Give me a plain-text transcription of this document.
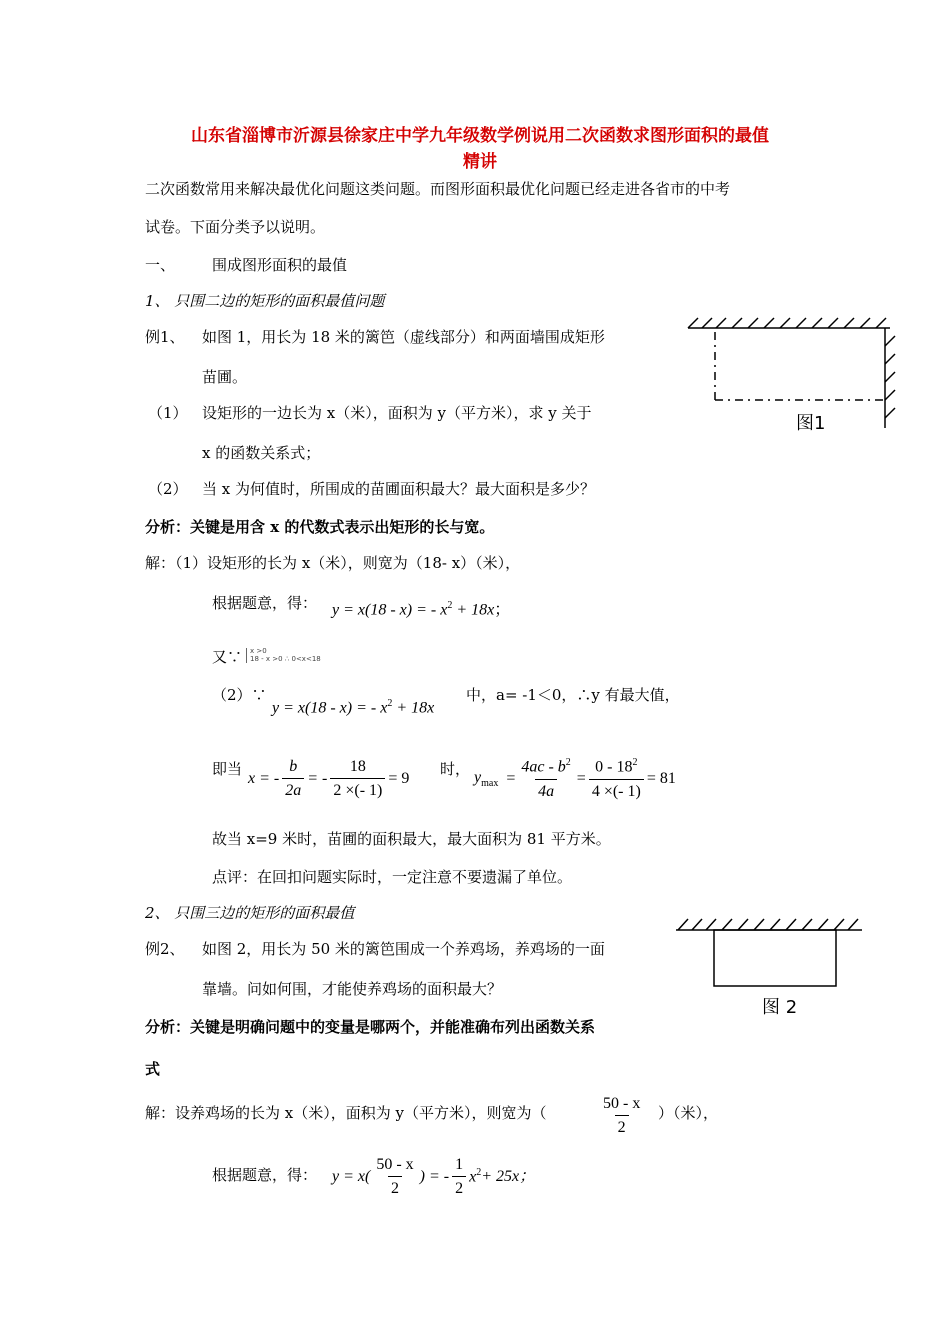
山东省淄博市沂源县徐家庄中学九年级数学例说用二次函数求图形面积的最值
精讲
二次函数常用来解决最优化问题这类问题。而图形面积最优化问题已经走进各省市的中考
试卷。下面分类予以说明。
一、 围成图形面积的最值
1、 只围二边的矩形的面积最值问题
例1、 如图 1，用长为 18 米的篱笆（虚线部分）和两面墙围成矩形
苗圃。
（1） 设矩形的一边长为 x（米），面积为 y（平方米），求 y 关于
x 的函数关系式；
（2） 当 x 为何值时，所围成的苗圃面积最大？最大面积是多少？
图1
分析：关键是用含 x 的代数式表示出矩形的长与宽。
解：（1）设矩形的长为 x（米），则宽为（18- x）（米），
根据题意，得： y = x(18 - x) = - $x^2 + 18x$；
又∵ x >0
18 - x >0 ∴ 0<x<18
（2）∵
y = x(18 - x) = - $x^2 + 18x$
中，a= -1＜0，∴y 有最大值，
即当
x = - $\frac{b}{2a}$ = - $\frac{18}{2 \times(- 1)} = 9$
时， $y_{max} = \frac{4ac - b^2}{4a} = \frac{0 - 18^2}{4 \times(- 1)} = 81$
故当 x=9 米时，苗圃的面积最大，最大面积为 81 平方米。
点评：在回扣问题实际时，一定注意不要遗漏了单位。
2、 只围三边的矩形的面积最值
例2、 如图 2，用长为 50 米的篱笆围成一个养鸡场，养鸡场的一面
靠墙。问如何围，才能使养鸡场的面积最大？
图 2
分析：关键是明确问题中的变量是哪两个，并能准确布列出函数关系
式
解：设养鸡场的长为 x（米），面积为 y（平方米），则宽为（	$\frac{50 - x}{2}$ ）（米），
根据题意，得： $y = x( \frac{50 - x}{2}$ ) = - $\frac{1}{2} x^2 + 25x$；
